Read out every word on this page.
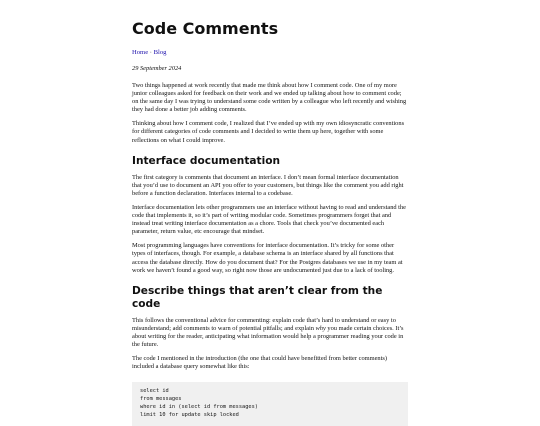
Code Comments
Home · Blog
29 September 2024

Two things happened at work recently that made me think about how I comment code. One of my more junior colleagues asked for feedback on their work and we ended up talking about how to comment code; on the same day I was trying to understand some code written by a colleague who left recently and wishing they had done a better job adding comments.

Thinking about how I comment code, I realized that I’ve ended up with my own idiosyncratic conventions for different categories of code comments and I decided to write them up here, together with some reflections on what I could improve.

Interface documentation

The first category is comments that document an interface. I don’t mean formal interface documentation that you’d use to document an API you offer to your customers, but things like the comment you add right before a function declaration. Interfaces internal to a codebase.

Interface documentation lets other programmers use an interface without having to read and understand the code that implements it, so it’s part of writing modular code. Sometimes programmers forget that and instead treat writing interface documentation as a chore. Tools that check you’ve documented each parameter, return value, etc encourage that mindset.

Most programming languages have conventions for interface documentation. It’s tricky for some other types of interfaces, though. For example, a database schema is an interface shared by all functions that access the database directly. How do you document that? For the Postgres databases we use in my team at work we haven’t found a good way, so right now those are undocumented just due to a lack of tooling.

Describe things that aren’t clear from the code

This follows the conventional advice for commenting: explain code that’s hard to understand or easy to misunderstand; add comments to warn of potential pitfalls; and explain why you made certain choices. It’s about writing for the reader, anticipating what information would help a programmer reading your code in the future.

The code I mentioned in the introduction (the one that could have benefitted from better comments) included a database query somewhat like this:

select id
from messages
where id in (select id from messages)
limit 10 for update skip locked
